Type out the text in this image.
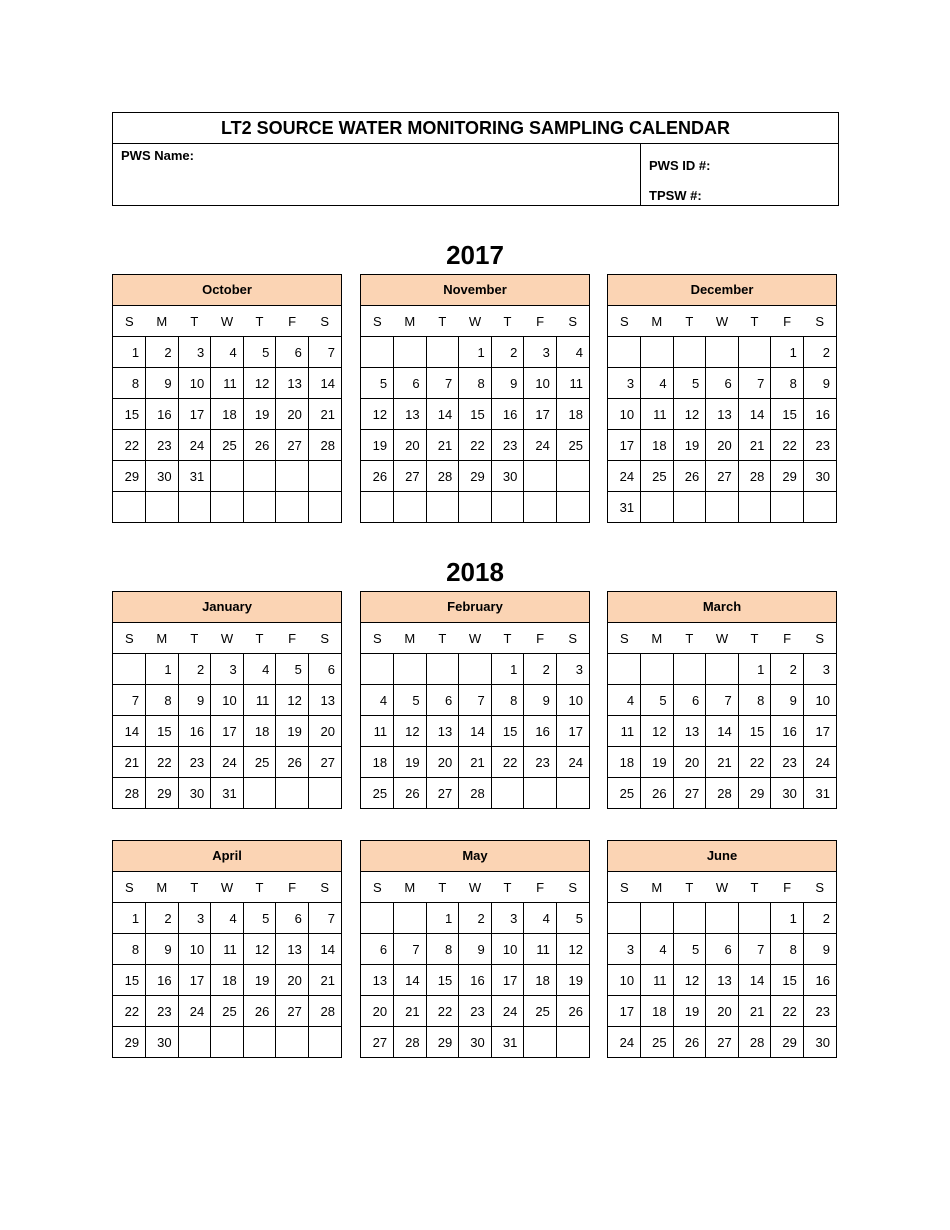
LT2 SOURCE WATER MONITORING SAMPLING CALENDAR
PWS Name:
PWS ID #:
TPSW #:
2017
2018
October
S	M	T	W	T	F	S
1	2	3	4	5	6	7
8	9	10	11	12	13	14
15	16	17	18	19	20	21
22	23	24	25	26	27	28
29	30	31				

November
S	M	T	W	T	F	S
			1	2	3	4
5	6	7	8	9	10	11
12	13	14	15	16	17	18
19	20	21	22	23	24	25
26	27	28	29	30		

December
S	M	T	W	T	F	S
					1	2
3	4	5	6	7	8	9
10	11	12	13	14	15	16
17	18	19	20	21	22	23
24	25	26	27	28	29	30
31						
January
S	M	T	W	T	F	S
	1	2	3	4	5	6
7	8	9	10	11	12	13
14	15	16	17	18	19	20
21	22	23	24	25	26	27
28	29	30	31			
February
S	M	T	W	T	F	S
				1	2	3
4	5	6	7	8	9	10
11	12	13	14	15	16	17
18	19	20	21	22	23	24
25	26	27	28			
March
S	M	T	W	T	F	S
				1	2	3
4	5	6	7	8	9	10
11	12	13	14	15	16	17
18	19	20	21	22	23	24
25	26	27	28	29	30	31
April
S	M	T	W	T	F	S
1	2	3	4	5	6	7
8	9	10	11	12	13	14
15	16	17	18	19	20	21
22	23	24	25	26	27	28
29	30					
May
S	M	T	W	T	F	S
		1	2	3	4	5
6	7	8	9	10	11	12
13	14	15	16	17	18	19
20	21	22	23	24	25	26
27	28	29	30	31		
June
S	M	T	W	T	F	S
					1	2
3	4	5	6	7	8	9
10	11	12	13	14	15	16
17	18	19	20	21	22	23
24	25	26	27	28	29	30
